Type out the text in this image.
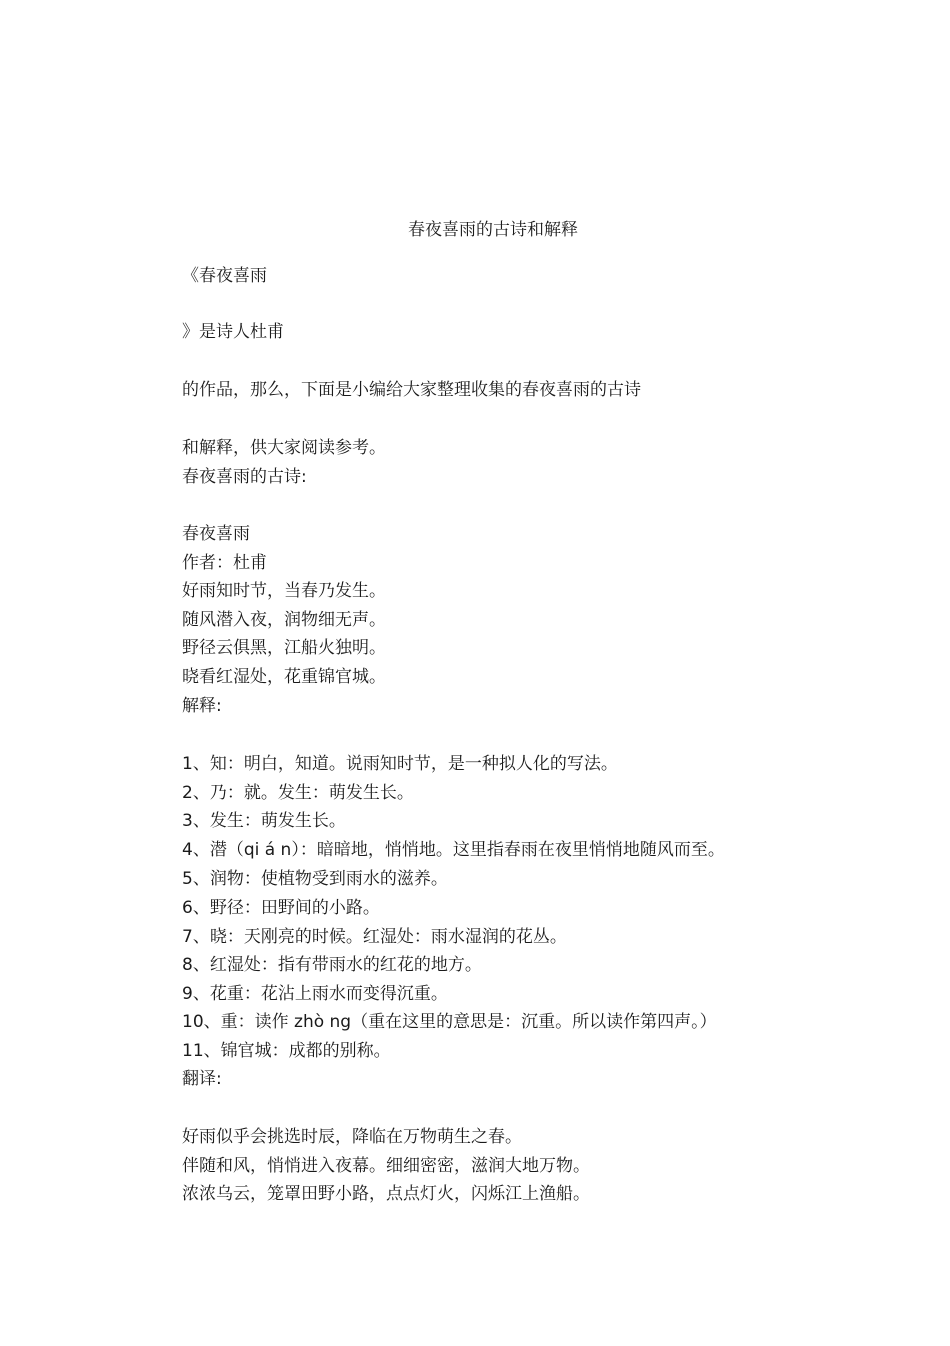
春夜喜雨的古诗和解释
《春夜喜雨
》是诗人杜甫
的作品，那么，下面是小编给大家整理收集的春夜喜雨的古诗
和解释，供大家阅读参考。
春夜喜雨的古诗:
春夜喜雨
作者：杜甫
好雨知时节，当春乃发生。
随风潜入夜，润物细无声。
野径云俱黑，江船火独明。
晓看红湿处，花重锦官城。
解释:
1、知：明白，知道。说雨知时节，是一种拟人化的写法。
2、乃：就。发生：萌发生长。
3、发生：萌发生长。
4、潜（qi á n）：暗暗地，悄悄地。这里指春雨在夜里悄悄地随风而至。
5、润物：使植物受到雨水的滋养。
6、野径：田野间的小路。
7、晓：天刚亮的时候。红湿处：雨水湿润的花丛。
8、红湿处：指有带雨水的红花的地方。
9、花重：花沾上雨水而变得沉重。
10、重：读作 zhò ng（重在这里的意思是：沉重。所以读作第四声。）
11、锦官城：成都的别称。
翻译:
好雨似乎会挑选时辰，降临在万物萌生之春。
伴随和风，悄悄进入夜幕。细细密密，滋润大地万物。
浓浓乌云，笼罩田野小路，点点灯火，闪烁江上渔船。
